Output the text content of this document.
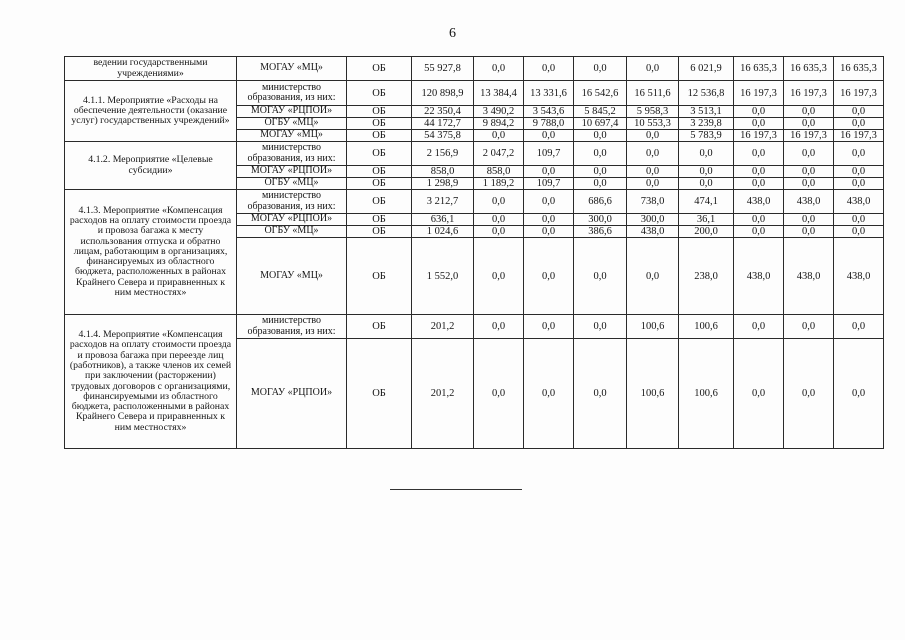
6
ведении государственными учреждениями»	МОГАУ «МЦ»	ОБ	55 927,8	0,0	0,0	0,0	0,0	6 021,9	16 635,3	16 635,3	16 635,3
4.1.1. Мероприятие «Расходы на обеспечение деятельности (оказание услуг) государственных учреждений»	министерство образования, из них:	ОБ	120 898,9	13 384,4	13 331,6	16 542,6	16 511,6	12 536,8	16 197,3	16 197,3	16 197,3
	МОГАУ «РЦПОИ»	ОБ	22 350,4	3 490,2	3 543,6	5 845,2	5 958,3	3 513,1	0,0	0,0	0,0
	ОГБУ «МЦ»	ОБ	44 172,7	9 894,2	9 788,0	10 697,4	10 553,3	3 239,8	0,0	0,0	0,0
	МОГАУ «МЦ»	ОБ	54 375,8	0,0	0,0	0,0	0,0	5 783,9	16 197,3	16 197,3	16 197,3
4.1.2. Мероприятие «Целевые субсидии»	министерство образования, из них:	ОБ	2 156,9	2 047,2	109,7	0,0	0,0	0,0	0,0	0,0	0,0
	МОГАУ «РЦПОИ»	ОБ	858,0	858,0	0,0	0,0	0,0	0,0	0,0	0,0	0,0
	ОГБУ «МЦ»	ОБ	1 298,9	1 189,2	109,7	0,0	0,0	0,0	0,0	0,0	0,0
4.1.3. Мероприятие «Компенсация расходов на оплату стоимости проезда и провоза багажа к месту использования отпуска и обратно лицам, работающим в организациях, финансируемых из областного бюджета, расположенных в районах Крайнего Севера и приравненных к ним местностях»	министерство образования, из них:	ОБ	3 212,7	0,0	0,0	686,6	738,0	474,1	438,0	438,0	438,0
	МОГАУ «РЦПОИ»	ОБ	636,1	0,0	0,0	300,0	300,0	36,1	0,0	0,0	0,0
	ОГБУ «МЦ»	ОБ	1 024,6	0,0	0,0	386,6	438,0	200,0	0,0	0,0	0,0
	МОГАУ «МЦ»	ОБ	1 552,0	0,0	0,0	0,0	0,0	238,0	438,0	438,0	438,0
4.1.4. Мероприятие «Компенсация расходов на оплату стоимости проезда и провоза багажа при переезде лиц (работников), а также членов их семей при заключении (расторжении) трудовых договоров с организациями, финансируемыми из областного бюджета, расположенными в районах Крайнего Севера и приравненных к ним местностях»	министерство образования, из них:	ОБ	201,2	0,0	0,0	0,0	100,6	100,6	0,0	0,0	0,0
	МОГАУ «РЦПОИ»	ОБ	201,2	0,0	0,0	0,0	100,6	100,6	0,0	0,0	0,0
